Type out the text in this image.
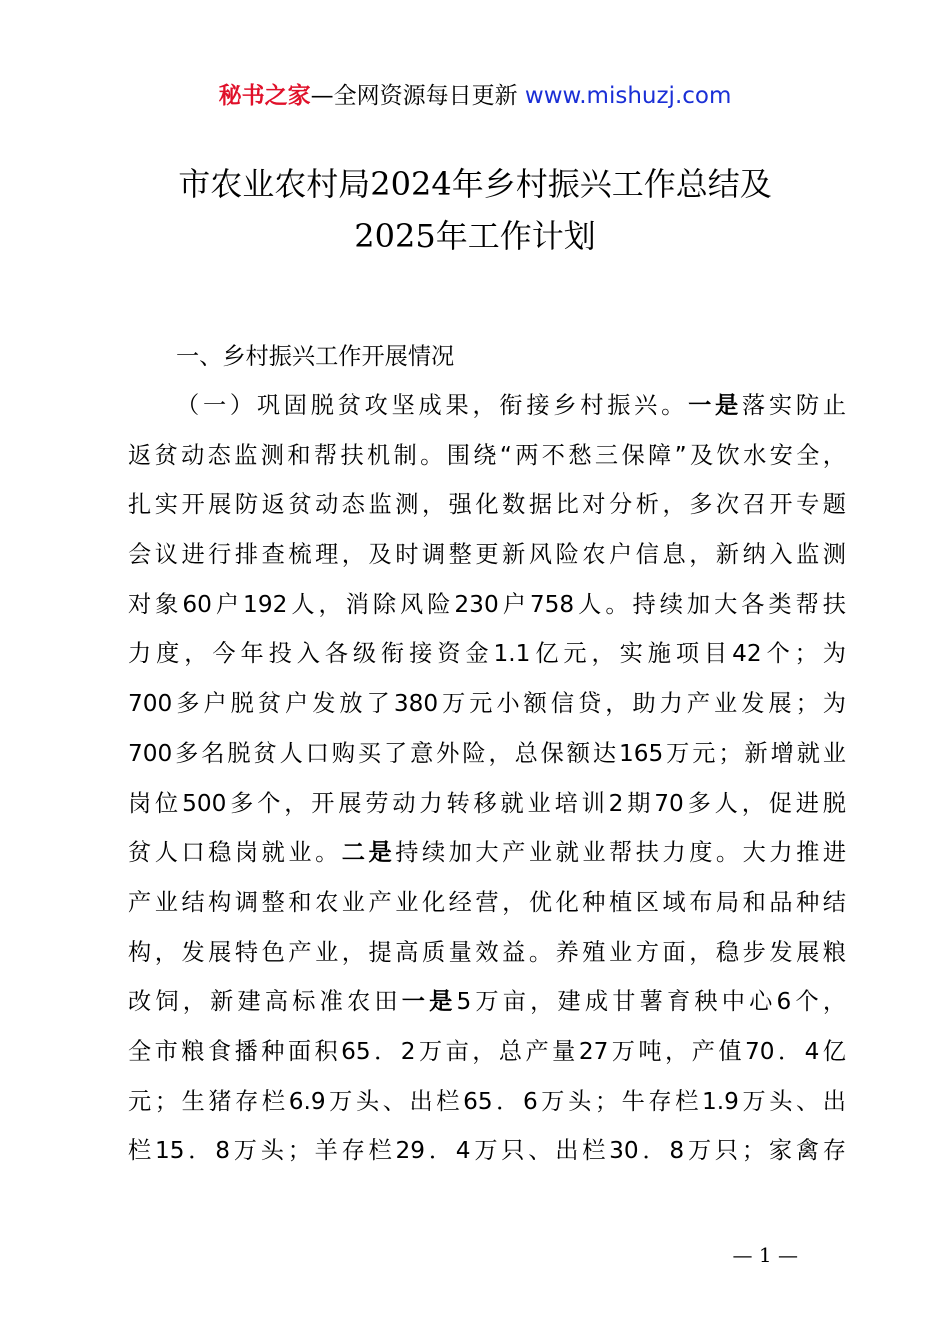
秘书之家—全网资源每日更新 www.mishuzj.com
市农业农村局2024年乡村振兴工作总结及
2025年工作计划
一、乡村振兴工作开展情况
（一）巩固脱贫攻坚成果，衔接乡村振兴。一是落实防止
返贫动态监测和帮扶机制。围绕“两不愁三保障”及饮水安全，
扎实开展防返贫动态监测，强化数据比对分析，多次召开专题
会议进行排查梳理，及时调整更新风险农户信息，新纳入监测
对象60户192人，消除风险230户758人。持续加大各类帮扶
力度，今年投入各级衔接资金1.1亿元，实施项目42个；为
700多户脱贫户发放了380万元小额信贷，助力产业发展；为
700多名脱贫人口购买了意外险，总保额达165万元；新增就业
岗位500多个，开展劳动力转移就业培训2期70多人，促进脱
贫人口稳岗就业。二是持续加大产业就业帮扶力度。大力推进
产业结构调整和农业产业化经营，优化种植区域布局和品种结
构，发展特色产业，提高质量效益。养殖业方面，稳步发展粮
改饲，新建高标准农田一是5万亩，建成甘薯育秧中心6个，
全市粮食播种面积65．2万亩，总产量27万吨，产值70．4亿
元；生猪存栏6.9万头、出栏65．6万头；牛存栏1.9万头、出
栏15．8万头；羊存栏29．4万只、出栏30．8万只；家禽存
— 1 —
